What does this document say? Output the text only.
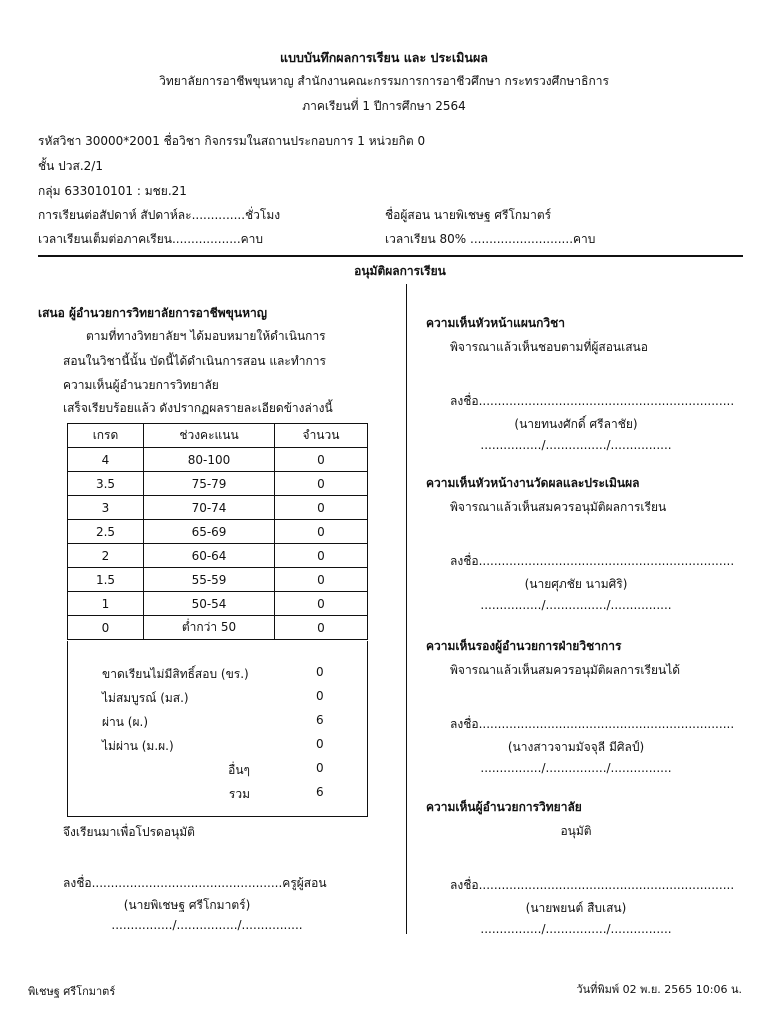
แบบบันทึกผลการเรียน และ ประเมินผล
วิทยาลัยการอาชีพขุนหาญ สำนักงานคณะกรรมการการอาชีวศึกษา กระทรวงศึกษาธิการ
ภาคเรียนที่ 1 ปีการศึกษา 2564
รหัสวิชา 30000*2001 ชื่อวิชา กิจกรรมในสถานประกอบการ 1 หน่วยกิต 0
ชั้น ปวส.2/1
กลุ่ม 633010101 : มชย.21
การเรียนต่อสัปดาห์ สัปดาห์ละ..............ชั่วโมง	ชื่อผู้สอน นายพิเชษฐ ศรีโกมาตร์
เวลาเรียนเต็มต่อภาคเรียน..................คาบ	เวลาเรียน 80% ...........................คาบ
อนุมัติผลการเรียน
เสนอ ผู้อำนวยการวิทยาลัยการอาชีพขุนหาญ
ตามที่ทางวิทยาลัยฯ ได้มอบหมายให้ดำเนินการ
สอนในวิชานี้นั้น บัดนี้ได้ดำเนินการสอน และทำการ
ความเห็นผู้อำนวยการวิทยาลัย
เสร็จเรียบร้อยแล้ว ดังปรากฏผลรายละเอียดข้างล่างนี้
เกรด	ช่วงคะแนน	จำนวน
4	80-100	0
3.5	75-79	0
3	70-74	0
2.5	65-69	0
2	60-64	0
1.5	55-59	0
1	50-54	0
0	ต่ำกว่า 50	0
ขาดเรียนไม่มีสิทธิ์สอบ (ขร.)	0
ไม่สมบูรณ์ (มส.)	0
ผ่าน (ผ.)	6
ไม่ผ่าน (ม.ผ.)	0
อื่นๆ	0
รวม	6
จึงเรียนมาเพื่อโปรดอนุมัติ
ลงชื่อ..................................................ครูผู้สอน
(นายพิเชษฐ ศรีโกมาตร์)
................/................/................
ความเห็นหัวหน้าแผนกวิชา
พิจารณาแล้วเห็นชอบตามที่ผู้สอนเสนอ
ลงชื่อ...................................................................
(นายทนงศักดิ์ ศรีลาชัย)
................/................/................
ความเห็นหัวหน้างานวัดผลและประเมินผล
พิจารณาแล้วเห็นสมควรอนุมัติผลการเรียน
ลงชื่อ...................................................................
(นายศุภชัย นามศิริ)
................/................/................
ความเห็นรองผู้อำนวยการฝ่ายวิชาการ
พิจารณาแล้วเห็นสมควรอนุมัติผลการเรียนได้
ลงชื่อ...................................................................
(นางสาวจามมัจจุลี มีศิลป์)
................/................/................
ความเห็นผู้อำนวยการวิทยาลัย
อนุมัติ
ลงชื่อ...................................................................
(นายพยนต์ สืบเสน)
................/................/................
พิเชษฐ ศรีโกมาตร์	วันที่พิมพ์ 02 พ.ย. 2565 10:06 น.
